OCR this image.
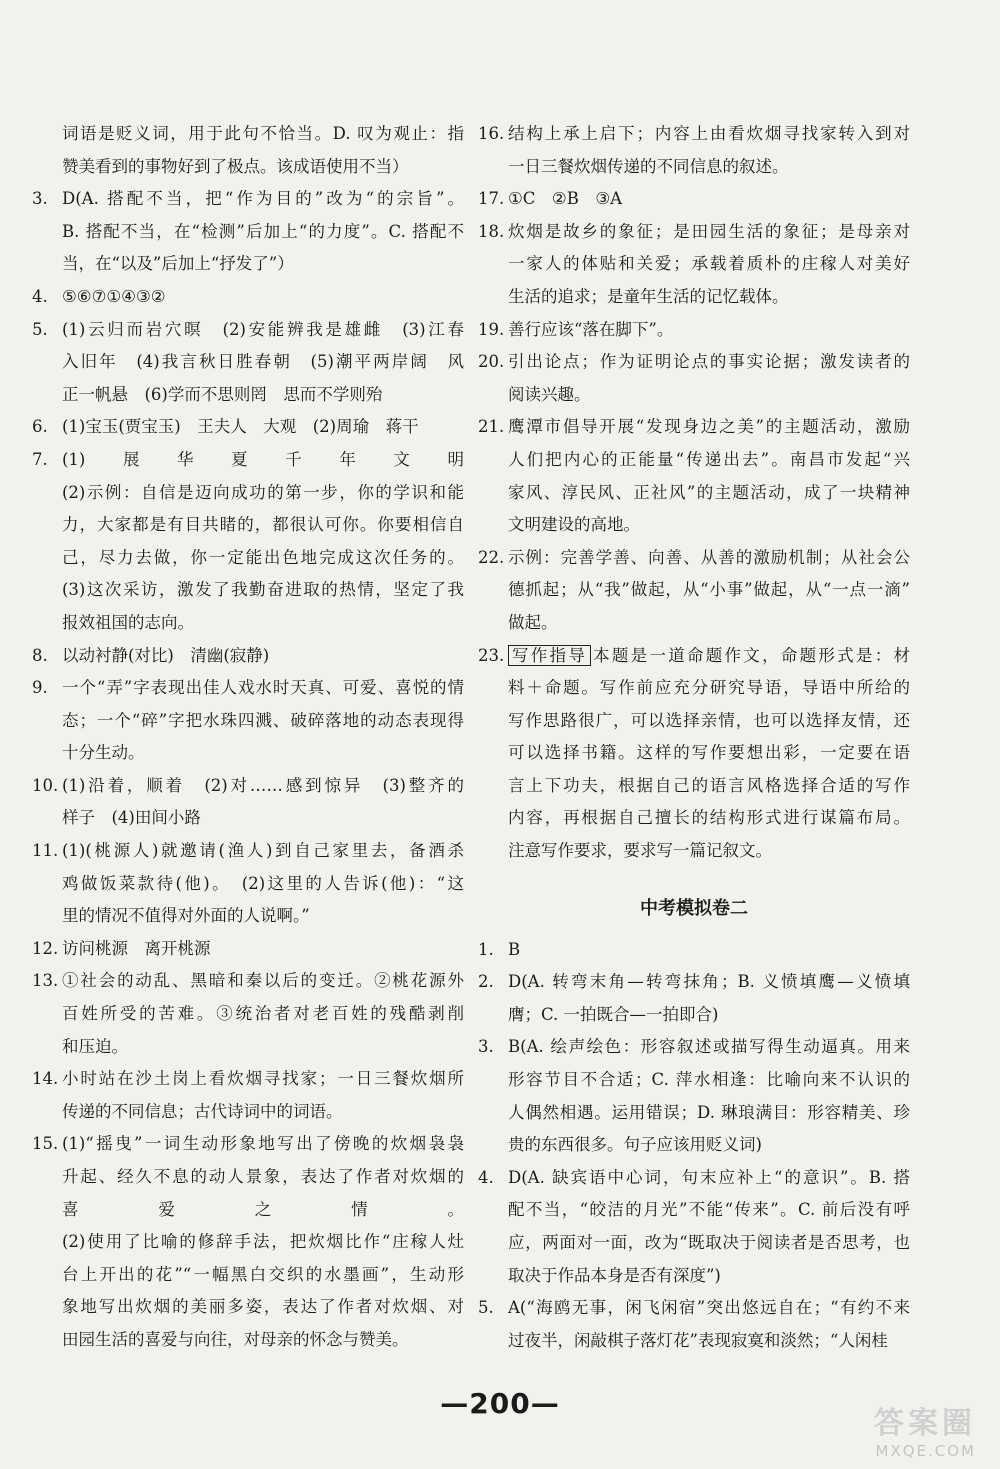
词语是贬义词，用于此句不恰当。D. 叹为观止：指
赞美看到的事物好到了极点。该成语使用不当）
3. D(A. 搭配不当，把“作为目的”改为“的宗旨”。
B. 搭配不当，在“检测”后加上“的力度”。C. 搭配不
当，在“以及”后加上“抒发了”）
4. ⑤⑥⑦①④③②
5. (1)云归而岩穴暝　(2)安能辨我是雄雌　(3)江春
入旧年　(4)我言秋日胜春朝　(5)潮平两岸阔　风
正一帆悬　(6)学而不思则罔　思而不学则殆
6. (1)宝玉(贾宝玉)　王夫人　大观　(2)周瑜　蒋干
7. (1)展华夏千年文明
(2)示例：自信是迈向成功的第一步，你的学识和能
力，大家都是有目共睹的，都很认可你。你要相信自
己，尽力去做，你一定能出色地完成这次任务的。
(3)这次采访，激发了我勤奋进取的热情，坚定了我
报效祖国的志向。
8. 以动衬静(对比)　清幽(寂静)
9. 一个“弄”字表现出佳人戏水时天真、可爱、喜悦的情
态；一个“碎”字把水珠四溅、破碎落地的动态表现得
十分生动。
10. (1)沿着，顺着　(2)对……感到惊异　(3)整齐的
样子　(4)田间小路
11. (1)(桃源人)就邀请(渔人)到自己家里去，备酒杀
鸡做饭菜款待(他)。　(2)这里的人告诉(他)：“这
里的情况不值得对外面的人说啊。”
12. 访问桃源　离开桃源
13. ①社会的动乱、黑暗和秦以后的变迁。②桃花源外
百姓所受的苦难。③统治者对老百姓的残酷剥削
和压迫。
14. 小时站在沙土岗上看炊烟寻找家；一日三餐炊烟所
传递的不同信息；古代诗词中的词语。
15. (1)“摇曳”一词生动形象地写出了傍晚的炊烟袅袅
升起、经久不息的动人景象，表达了作者对炊烟的
喜爱之情。
(2)使用了比喻的修辞手法，把炊烟比作“庄稼人灶
台上开出的花”“一幅黑白交织的水墨画”，生动形
象地写出炊烟的美丽多姿，表达了作者对炊烟、对
田园生活的喜爱与向往，对母亲的怀念与赞美。
16. 结构上承上启下；内容上由看炊烟寻找家转入到对
一日三餐炊烟传递的不同信息的叙述。
17. ①C　②B　③A
18. 炊烟是故乡的象征；是田园生活的象征；是母亲对
一家人的体贴和关爱；承载着质朴的庄稼人对美好
生活的追求；是童年生活的记忆载体。
19. 善行应该“落在脚下”。
20. 引出论点；作为证明论点的事实论据；激发读者的
阅读兴趣。
21. 鹰潭市倡导开展“发现身边之美”的主题活动，激励
人们把内心的正能量“传递出去”。南昌市发起“兴
家风、淳民风、正社风”的主题活动，成了一块精神
文明建设的高地。
22. 示例：完善学善、向善、从善的激励机制；从社会公
德抓起；从“我”做起，从“小事”做起，从“一点一滴”
做起。
23. 写作指导 本题是一道命题作文，命题形式是：材
料＋命题。写作前应充分研究导语，导语中所给的
写作思路很广，可以选择亲情，也可以选择友情，还
可以选择书籍。这样的写作要想出彩，一定要在语
言上下功夫，根据自己的语言风格选择合适的写作
内容，再根据自己擅长的结构形式进行谋篇布局。
注意写作要求，要求写一篇记叙文。
中考模拟卷二
1. B
2. D(A. 转弯末角—转弯抹角；B. 义愤填鹰—义愤填
膺；C. 一拍既合—一拍即合)
3. B(A. 绘声绘色：形容叙述或描写得生动逼真。用来
形容节目不合适；C. 萍水相逢：比喻向来不认识的
人偶然相遇。运用错误；D. 琳琅满目：形容精美、珍
贵的东西很多。句子应该用贬义词)
4. D(A. 缺宾语中心词，句末应补上“的意识”。B. 搭
配不当，“皎洁的月光”不能“传来”。C. 前后没有呼
应，两面对一面，改为“既取决于阅读者是否思考，也
取决于作品本身是否有深度”)
5. A(“海鸥无事，闲飞闲宿”突出悠远自在；“有约不来
过夜半，闲敲棋子落灯花”表现寂寞和淡然；“人闲桂
—200—
答案圈
MXQE.COM
